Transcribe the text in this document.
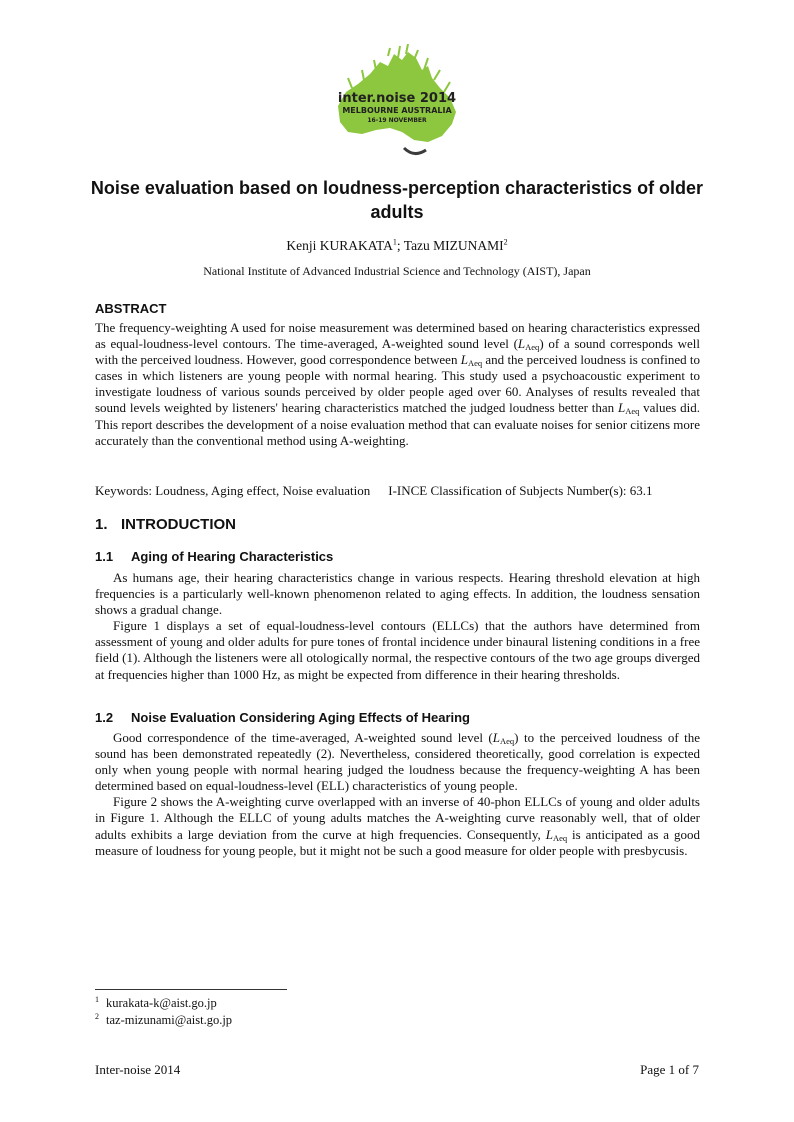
inter.noise 2014
MELBOURNE AUSTRALIA
16-19 NOVEMBER
Noise evaluation based on loudness-perception characteristics of older adults
Kenji KURAKATA$^1$; Tazu MIZUNAMI$^2$
National Institute of Advanced Industrial Science and Technology (AIST), Japan
ABSTRACT

The frequency-weighting A used for noise measurement was determined based on hearing characteristics expressed as equal-loudness-level contours. The time-averaged, A-weighted sound level $(L_{Aeq})$ of a sound corresponds well with the perceived loudness. However, good correspondence between $L_{Aeq}$ and the perceived loudness is confined to cases in which listeners are young people with normal hearing. This study used a psychoacoustic experiment to investigate loudness of various sounds perceived by older people aged over 60. Analyses of results revealed that sound levels weighted by listeners' hearing characteristics matched the judged loudness better than $L_{Aeq}$ values did. This report describes the development of a noise evaluation method that can evaluate noises for senior citizens more accurately than the conventional method using A-weighting.

Keywords: Loudness, Aging effect, Noise evaluation I-INCE Classification of Subjects Number(s): 63.1
1. INTRODUCTION
1.1 Aging of Hearing Characteristics

As humans age, their hearing characteristics change in various respects. Hearing threshold elevation at high frequencies is a particularly well-known phenomenon related to aging effects. In addition, the loudness sensation shows a gradual change.

Figure 1 displays a set of equal-loudness-level contours (ELLCs) that the authors have determined from assessment of young and older adults for pure tones of frontal incidence under binaural listening conditions in a free field (1). Although the listeners were all otologically normal, the respective contours of the two age groups diverged at frequencies higher than 1000 Hz, as might be expected from difference in their hearing thresholds.

1.2 Noise Evaluation Considering Aging Effects of Hearing

Good correspondence of the time-averaged, A-weighted sound level $(L_{Aeq})$ to the perceived loudness of the sound has been demonstrated repeatedly (2). Nevertheless, considered theoretically, good correlation is expected only when young people with normal hearing judged the loudness because the frequency-weighting A has been determined based on equal-loudness-level (ELL) characteristics of young people.

Figure 2 shows the A-weighting curve overlapped with an inverse of 40-phon ELLCs of young and older adults in Figure 1. Although the ELLC of young adults matches the A-weighting curve reasonably well, that of older adults exhibits a large deviation from the curve at high frequencies. Consequently, $L_{Aeq}$ is anticipated as a good measure of loudness for young people, but it might not be such a good measure for older people with presbycusis.

$^1$ kurakata-k@aist.go.jp
$^2$ taz-mizunami@aist.go.jp
Inter-noise 2014	Page 1 of 7
